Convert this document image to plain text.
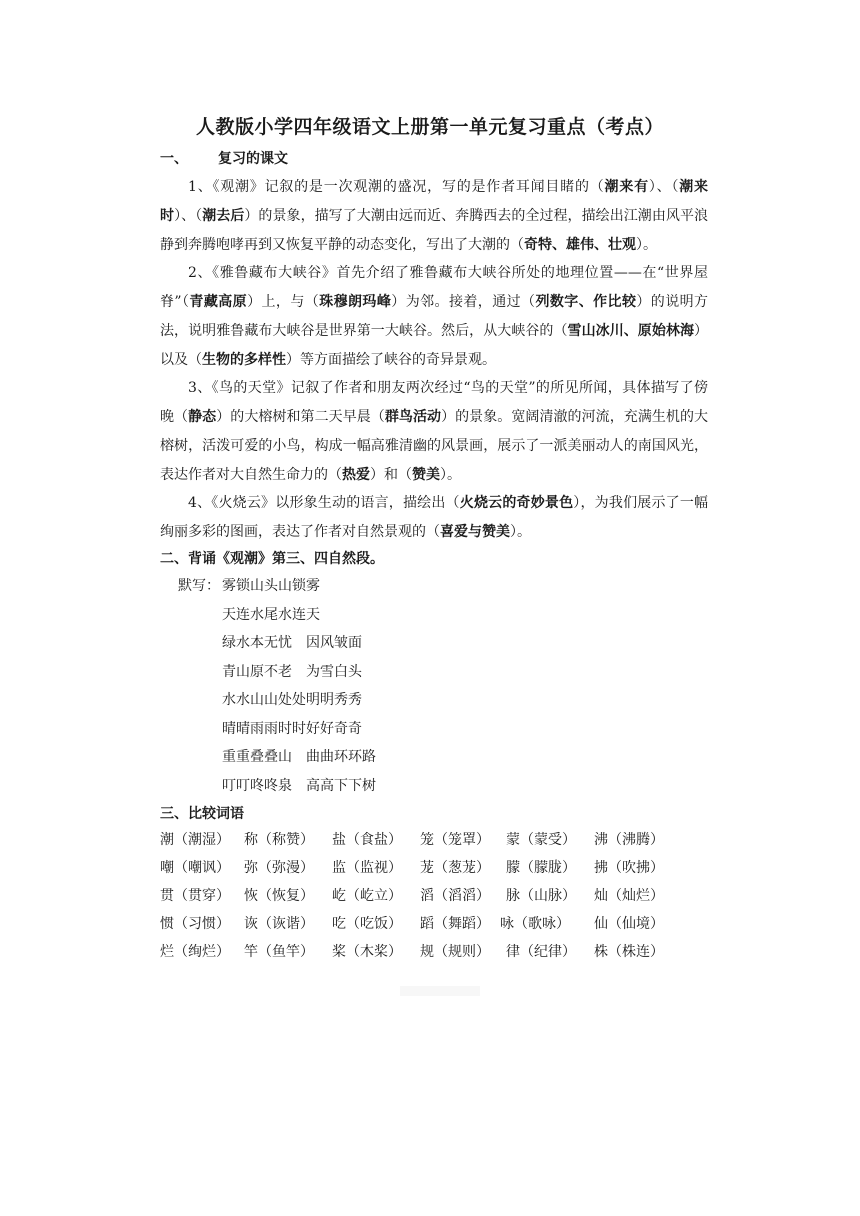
人教版小学四年级语文上册第一单元复习重点（考点）
一、 复习的课文
1、《观潮》记叙的是一次观潮的盛况，写的是作者耳闻目睹的（潮来有）、（潮来时）、（潮去后）的景象，描写了大潮由远而近、奔腾西去的全过程，描绘出江潮由风平浪静到奔腾咆哮再到又恢复平静的动态变化，写出了大潮的（奇特、雄伟、壮观）。
2、《雅鲁藏布大峡谷》首先介绍了雅鲁藏布大峡谷所处的地理位置——在“世界屋脊”（青藏高原）上，与（珠穆朗玛峰）为邻。接着，通过（列数字、作比较）的说明方法，说明雅鲁藏布大峡谷是世界第一大峡谷。然后，从大峡谷的（雪山冰川、原始林海）以及（生物的多样性）等方面描绘了峡谷的奇异景观。
3、《鸟的天堂》记叙了作者和朋友两次经过“鸟的天堂”的所见所闻，具体描写了傍晚（静态）的大榕树和第二天早晨（群鸟活动）的景象。宽阔清澈的河流，充满生机的大榕树，活泼可爱的小鸟，构成一幅高雅清幽的风景画，展示了一派美丽动人的南国风光，表达作者对大自然生命力的（热爱）和（赞美）。
4、《火烧云》以形象生动的语言，描绘出（火烧云的奇妙景色），为我们展示了一幅绚丽多彩的图画，表达了作者对自然景观的（喜爱与赞美）。
二、背诵《观潮》第三、四自然段。
默写： 雾锁山头山锁雾
天连水尾水连天
绿水本无忧　因风皱面
青山原不老　为雪白头
水水山山处处明明秀秀
晴晴雨雨时时好好奇奇
重重叠叠山　曲曲环环路
叮叮咚咚泉　高高下下树
三、比较词语
潮（潮湿） 称（称赞） 盐（食盐） 笼（笼罩） 蒙（蒙受） 沸（沸腾）
嘲（嘲讽） 弥（弥漫） 监（监视） 茏（葱茏） 朦（朦胧） 拂（吹拂）
贯（贯穿） 恢（恢复） 屹（屹立） 滔（滔滔） 脉（山脉） 灿（灿烂）
惯（习惯） 诙（诙谐） 吃（吃饭） 蹈（舞蹈） 咏（歌咏） 仙（仙境）
烂（绚烂） 竿（鱼竿） 桨（木桨） 规（规则） 律（纪律） 株（株连）
